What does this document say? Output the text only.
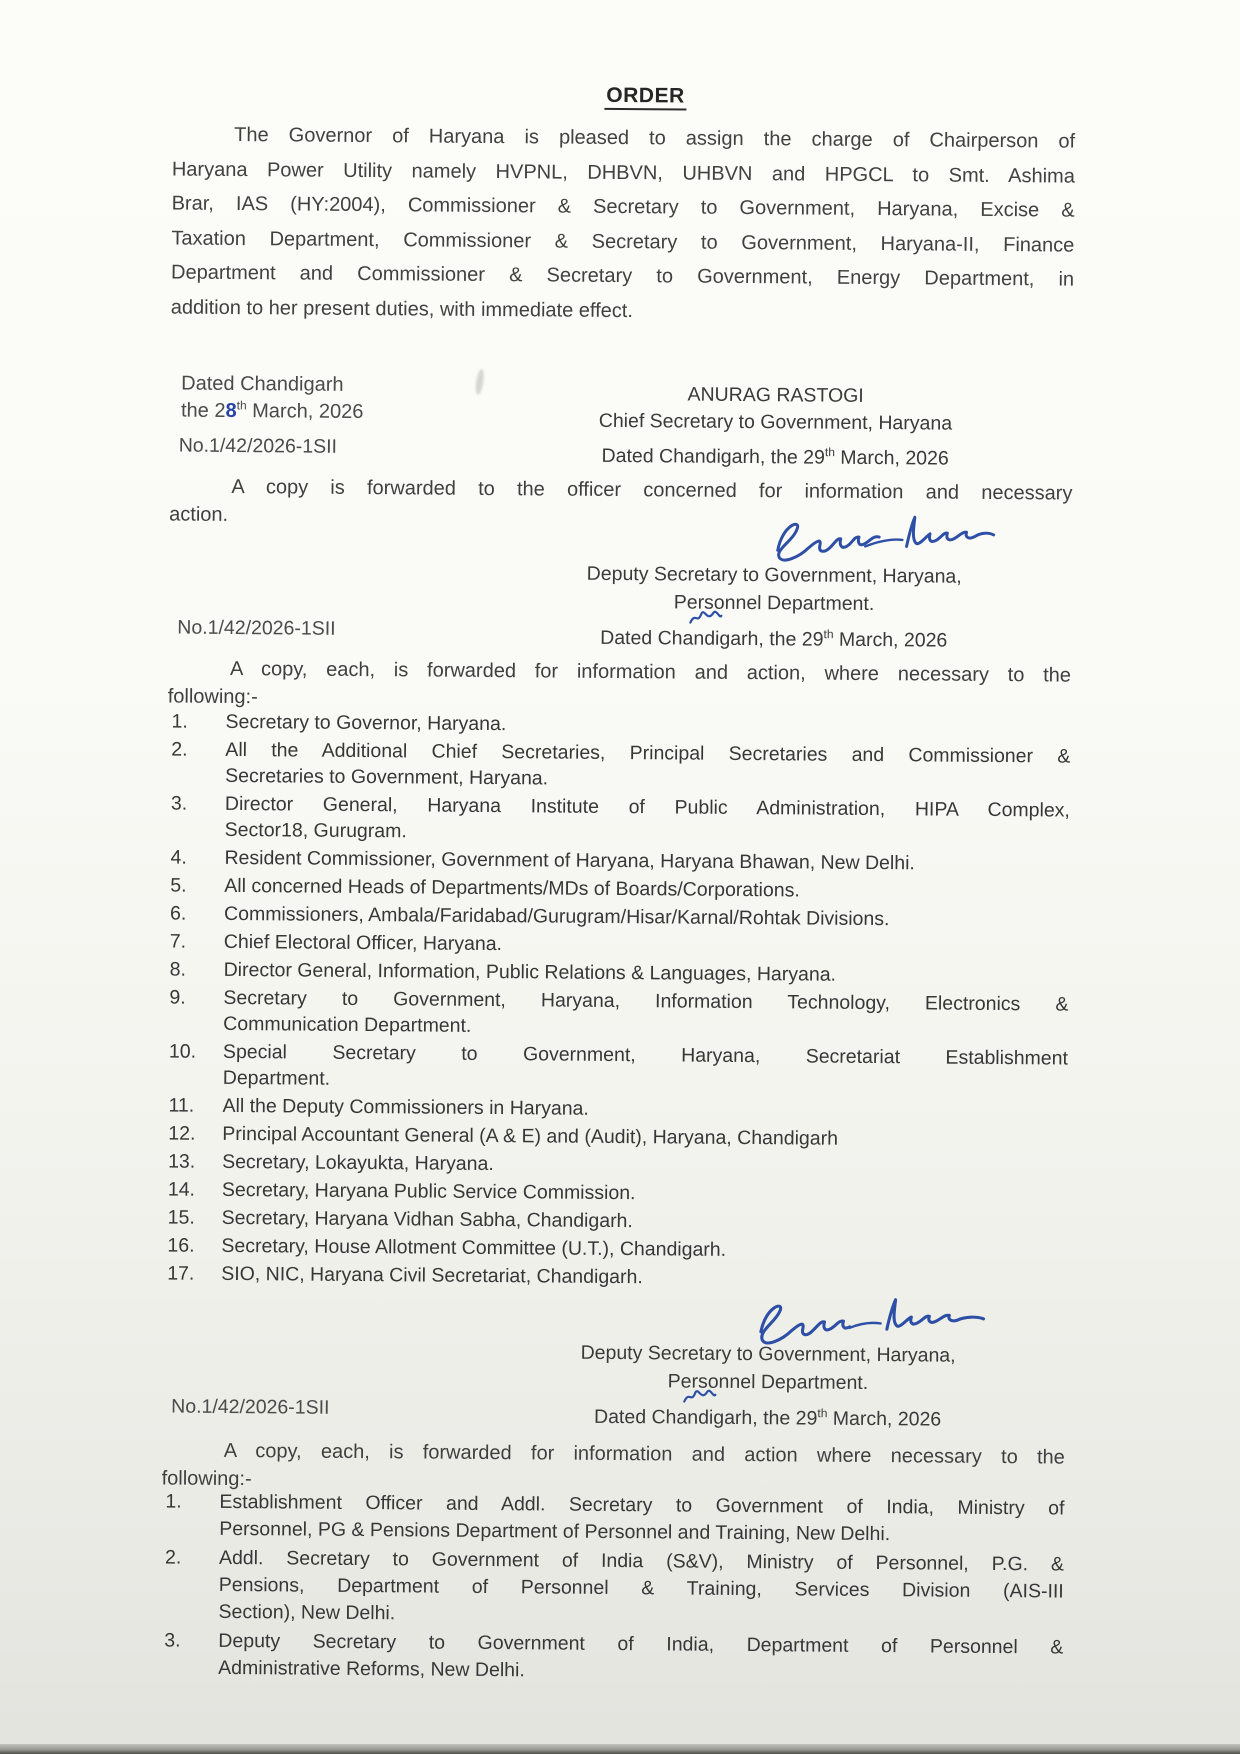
ORDER
The Governor of Haryana is pleased to assign the charge of Chairperson of
Haryana Power Utility namely HVPNL, DHBVN, UHBVN and HPGCL to Smt. Ashima
Brar, IAS (HY:2004), Commissioner & Secretary to Government, Haryana, Excise &
Taxation Department, Commissioner & Secretary to Government, Haryana-II, Finance
Department and Commissioner & Secretary to Government, Energy Department, in
addition to her present duties, with immediate effect.
Dated Chandigarh
the 28th March, 2026
ANURAG RASTOGI
Chief Secretary to Government, Haryana
No.1/42/2026-1SII	Dated Chandigarh, the 29th March, 2026
A copy is forwarded to the officer concerned for information and necessary
action.
Deputy Secretary to Government, Haryana,
Personnel
Department.
No.1/42/2026-1SII	Dated Chandigarh, the 29th March, 2026
A copy, each, is forwarded for information and action, where necessary to the
following:-
Secretary to Governor, Haryana.
All the Additional Chief Secretaries, Principal Secretaries and Commissioner &
Secretaries to Government, Haryana.
Director General, Haryana Institute of Public Administration, HIPA Complex,
Sector18, Gurugram.
Resident Commissioner, Government of Haryana, Haryana Bhawan, New Delhi.
All concerned Heads of Departments/MDs of Boards/Corporations.
Commissioners, Ambala/Faridabad/Gurugram/Hisar/Karnal/Rohtak Divisions.
Chief Electoral Officer, Haryana.
Director General, Information, Public Relations & Languages, Haryana.
Secretary to Government, Haryana, Information Technology, Electronics &
Communication Department.
Special Secretary to Government, Haryana, Secretariat Establishment
Department.
All the Deputy Commissioners in Haryana.
Principal Accountant General (A & E) and (Audit), Haryana, Chandigarh
Secretary, Lokayukta, Haryana.
Secretary, Haryana Public Service Commission.
Secretary, Haryana Vidhan Sabha, Chandigarh.
Secretary, House Allotment Committee (U.T.), Chandigarh.
SIO, NIC, Haryana Civil Secretariat, Chandigarh.
Deputy Secretary to Government, Haryana,
Personnel
Department.
No.1/42/2026-1SII	Dated Chandigarh, the 29th March, 2026
A copy, each, is forwarded for information and action where necessary to the
following:-
Establishment Officer and Addl. Secretary to Government of India, Ministry of
Personnel, PG & Pensions Department of Personnel and Training, New Delhi.
Addl. Secretary to Government of India (S&V), Ministry of Personnel, P.G. &
Pensions, Department of Personnel & Training, Services Division (AIS-III
Section), New Delhi.
Deputy Secretary to Government of India, Department of Personnel &
Administrative Reforms, New Delhi.
